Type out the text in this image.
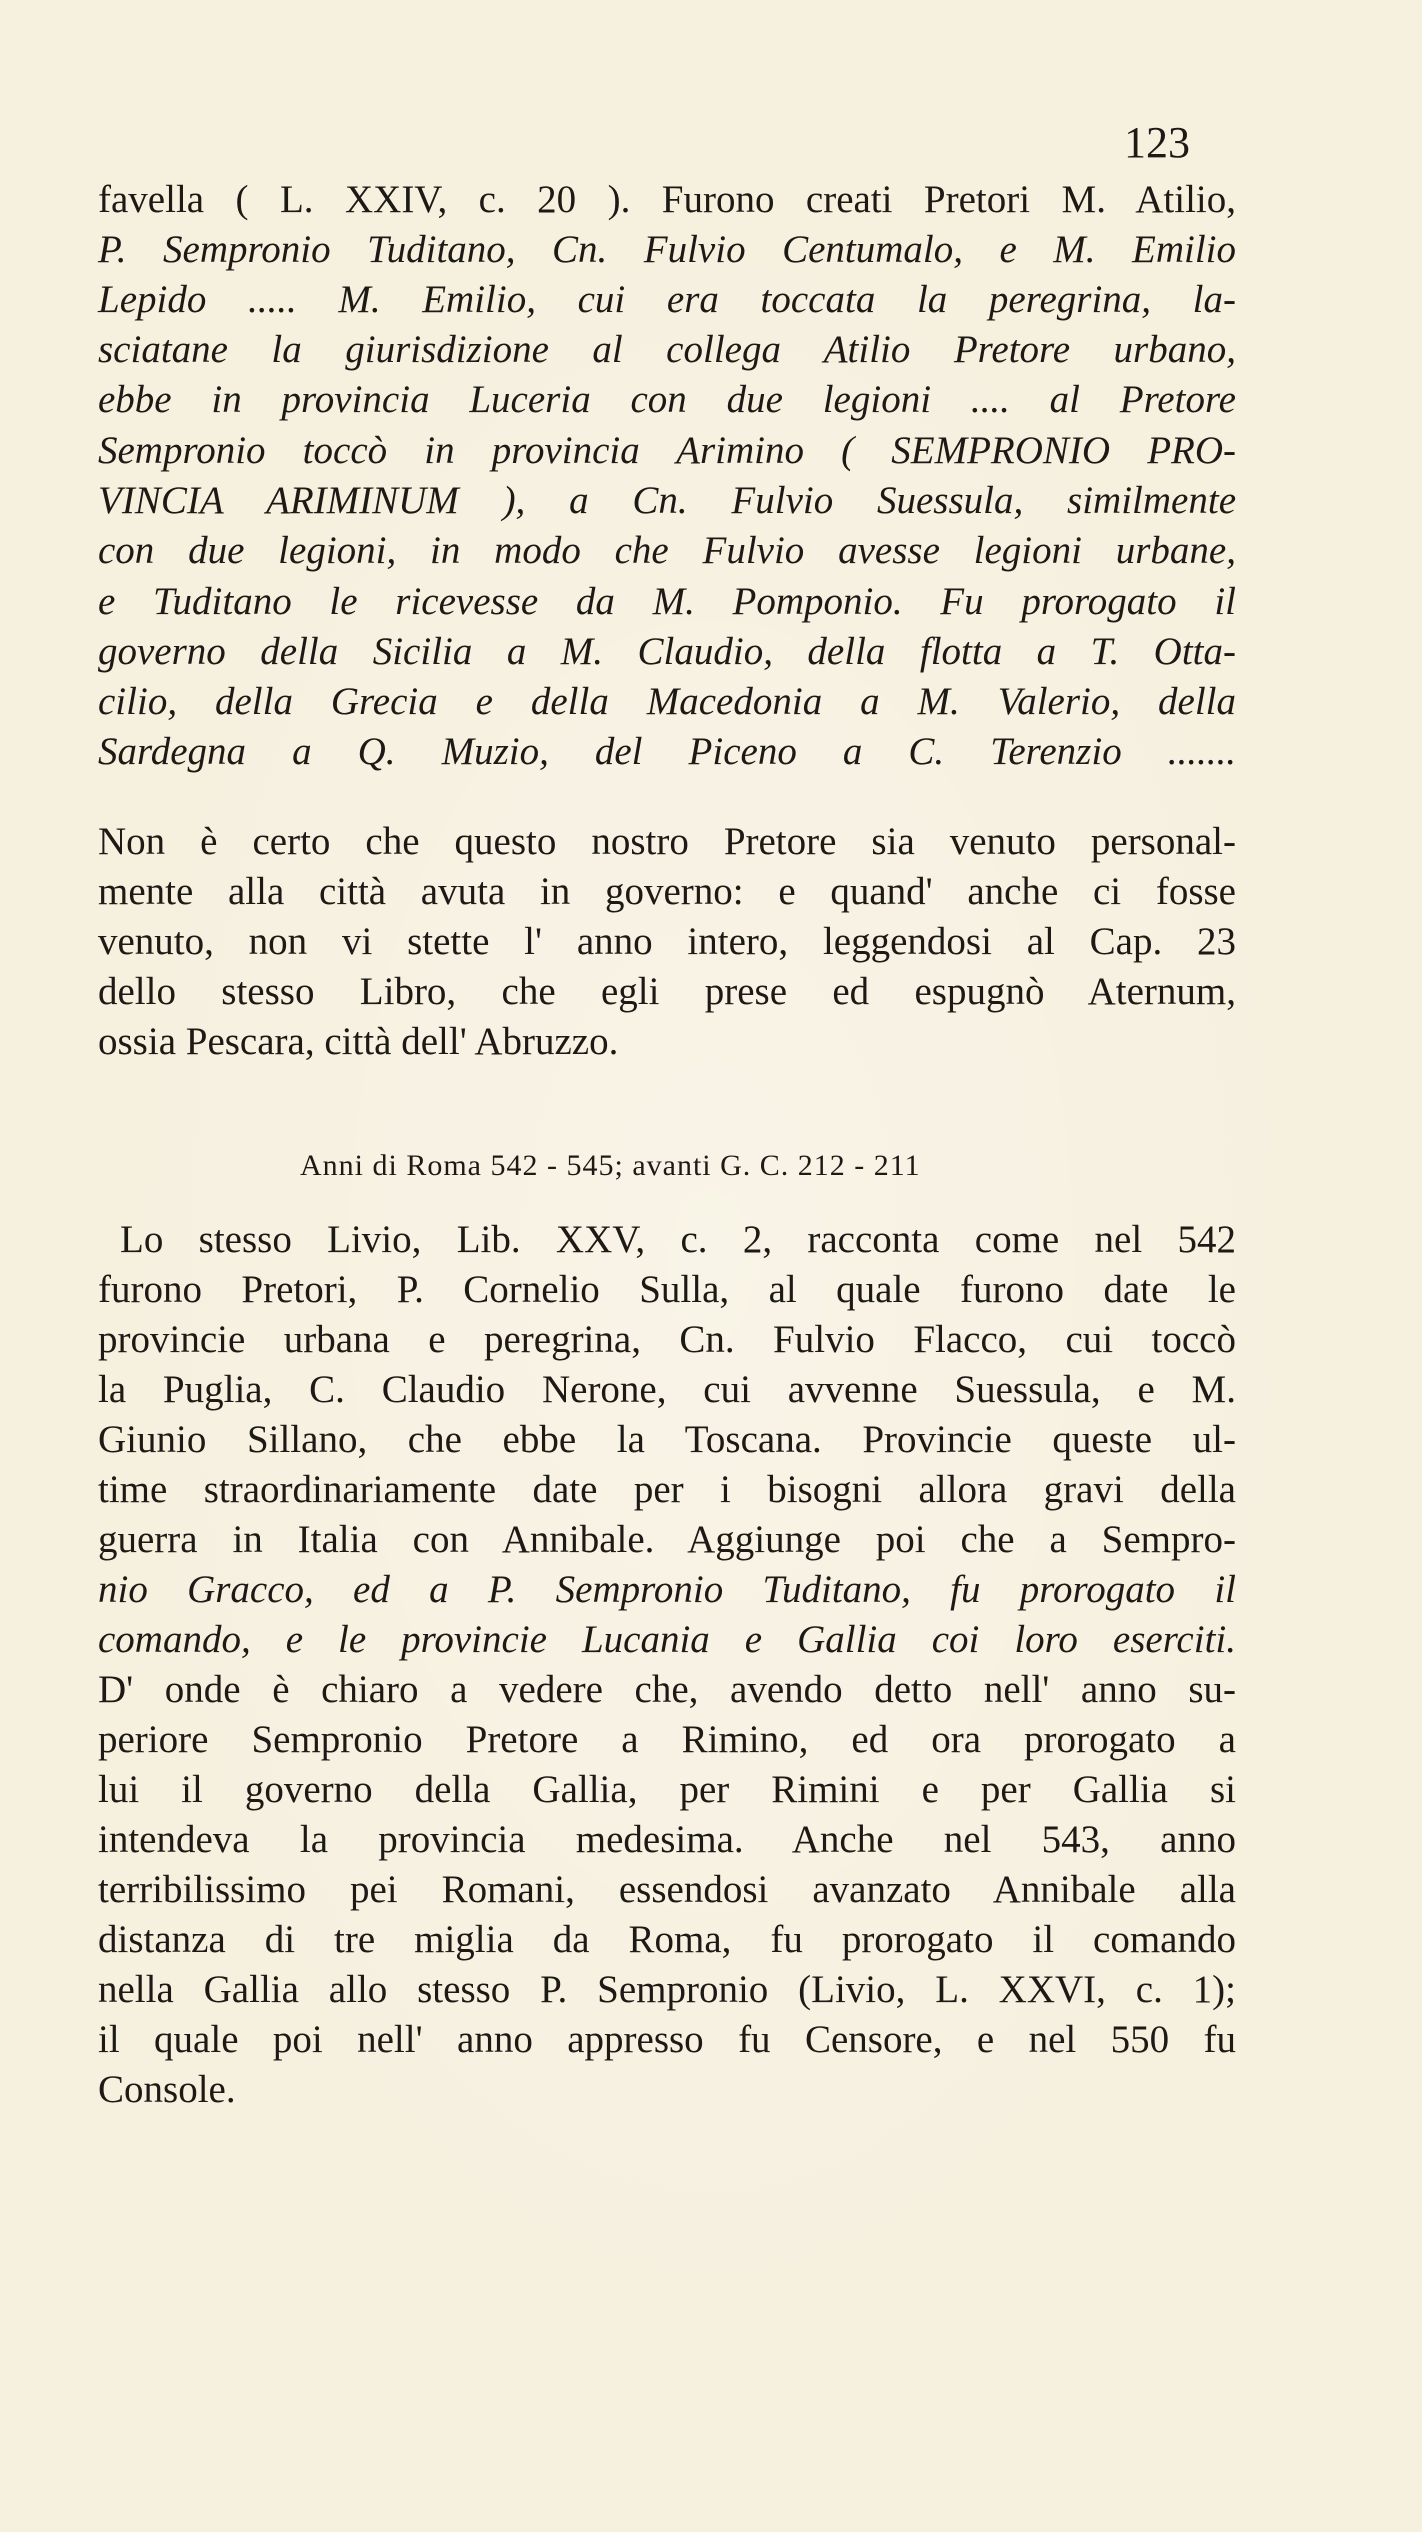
123
favella ( L. XXIV, c. 20 ). Furono creati Pretori M. Atilio,
P. Sempronio Tuditano, Cn. Fulvio Centumalo, e M. Emilio
Lepido ..... M. Emilio, cui era toccata la peregrina, la-
sciatane la giurisdizione al collega Atilio Pretore urbano,
ebbe in provincia Luceria con due legioni .... al Pretore
Sempronio toccò in provincia Arimino ( SEMPRONIO PRO-
VINCIA ARIMINUM ), a Cn. Fulvio Suessula, similmente
con due legioni, in modo che Fulvio avesse legioni urbane,
e Tuditano le ricevesse da M. Pomponio. Fu prorogato il
governo della Sicilia a M. Claudio, della flotta a T. Otta-
cilio, della Grecia e della Macedonia a M. Valerio, della
Sardegna a Q. Muzio, del Piceno a C. Terenzio .......
Non è certo che questo nostro Pretore sia venuto personal-
mente alla città avuta in governo: e quand' anche ci fosse
venuto, non vi stette l' anno intero, leggendosi al Cap. 23
dello stesso Libro, che egli prese ed espugnò Aternum,
ossia Pescara, città dell' Abruzzo.
Anni di Roma 542 - 545; avanti G. C. 212 - 211
Lo stesso Livio, Lib. XXV, c. 2, racconta come nel 542
furono Pretori, P. Cornelio Sulla, al quale furono date le
provincie urbana e peregrina, Cn. Fulvio Flacco, cui toccò
la Puglia, C. Claudio Nerone, cui avvenne Suessula, e M.
Giunio Sillano, che ebbe la Toscana. Provincie queste ul-
time straordinariamente date per i bisogni allora gravi della
guerra in Italia con Annibale. Aggiunge poi che a Sempro-
nio Gracco, ed a P. Sempronio Tuditano, fu prorogato il
comando, e le provincie Lucania e Gallia coi loro eserciti.
D' onde è chiaro a vedere che, avendo detto nell' anno su-
periore Sempronio Pretore a Rimino, ed ora prorogato a
lui il governo della Gallia, per Rimini e per Gallia si
intendeva la provincia medesima. Anche nel 543, anno
terribilissimo pei Romani, essendosi avanzato Annibale alla
distanza di tre miglia da Roma, fu prorogato il comando
nella Gallia allo stesso P. Sempronio (Livio, L. XXVI, c. 1);
il quale poi nell' anno appresso fu Censore, e nel 550 fu
Console.
